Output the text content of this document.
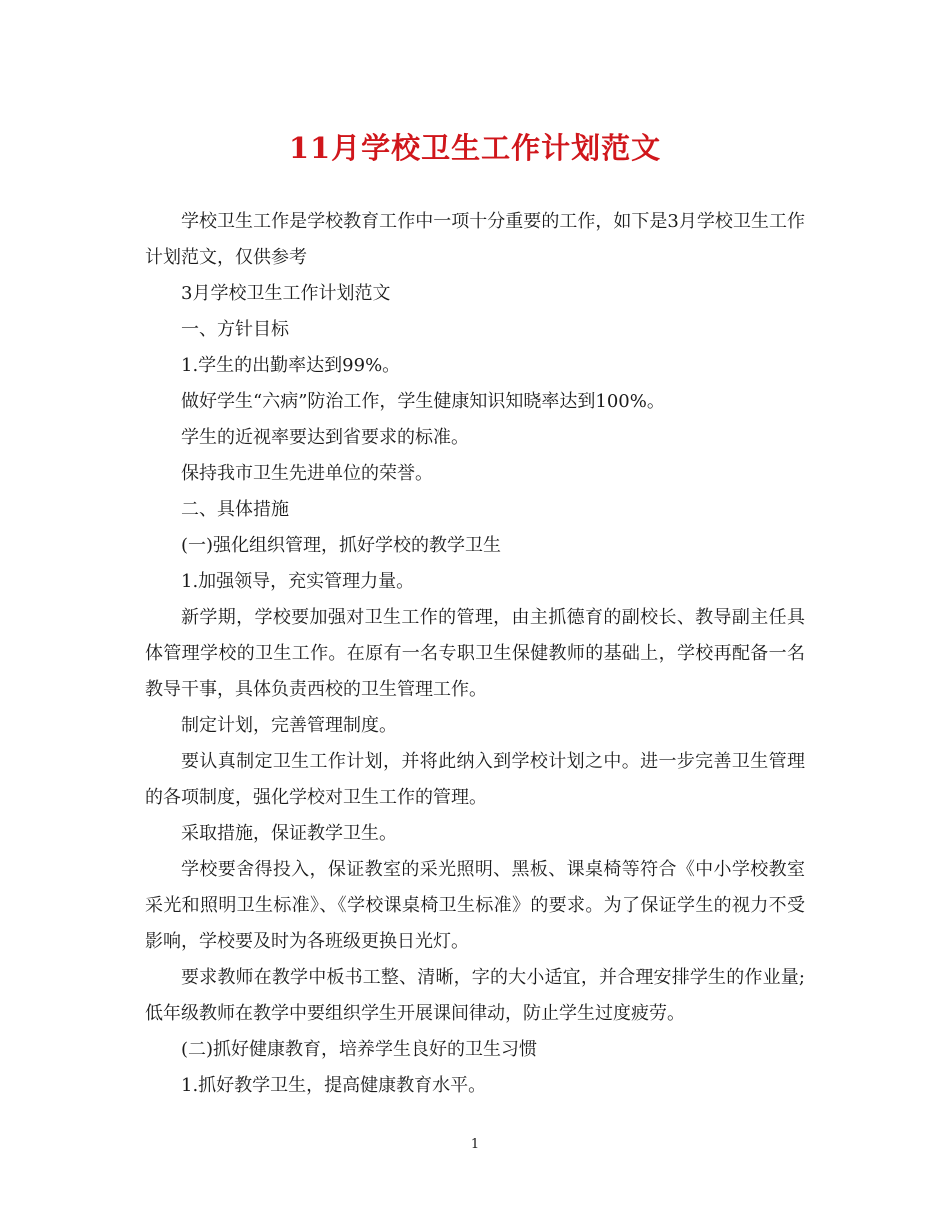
11月学校卫生工作计划范文

学校卫生工作是学校教育工作中一项十分重要的工作，如下是3月学校卫生工作计划范文，仅供参考

3月学校卫生工作计划范文

一、方针目标

1.学生的出勤率达到99%。

做好学生“六病”防治工作，学生健康知识知晓率达到100%。

学生的近视率要达到省要求的标准。

保持我市卫生先进单位的荣誉。

二、具体措施

(一)强化组织管理，抓好学校的教学卫生

1.加强领导，充实管理力量。

新学期，学校要加强对卫生工作的管理，由主抓德育的副校长、教导副主任具体管理学校的卫生工作。在原有一名专职卫生保健教师的基础上，学校再配备一名教导干事，具体负责西校的卫生管理工作。

制定计划，完善管理制度。

要认真制定卫生工作计划，并将此纳入到学校计划之中。进一步完善卫生管理的各项制度，强化学校对卫生工作的管理。

采取措施，保证教学卫生。

学校要舍得投入，保证教室的采光照明、黑板、课桌椅等符合《中小学校教室采光和照明卫生标准》、《学校课桌椅卫生标准》的要求。为了保证学生的视力不受影响，学校要及时为各班级更换日光灯。

要求教师在教学中板书工整、清晰，字的大小适宜，并合理安排学生的作业量;低年级教师在教学中要组织学生开展课间律动，防止学生过度疲劳。

(二)抓好健康教育，培养学生良好的卫生习惯

1.抓好教学卫生，提高健康教育水平。

1
